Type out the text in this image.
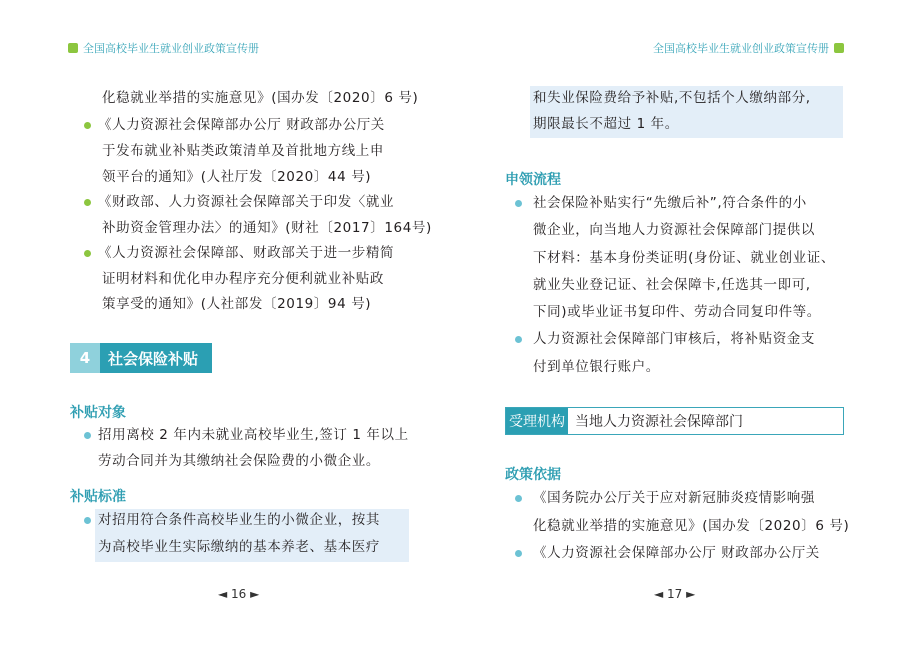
全国高校毕业生就业创业政策宣传册
化稳就业举措的实施意见》(国办发〔2020〕6 号)
《人力资源社会保障部办公厅 财政部办公厅关
于发布就业补贴类政策清单及首批地方线上申
领平台的通知》(人社厅发〔2020〕44 号)
《财政部、人力资源社会保障部关于印发〈就业
补助资金管理办法〉的通知》(财社〔2017〕164号)
《人力资源社会保障部、财政部关于进一步精简
证明材料和优化申办程序充分便利就业补贴政
策享受的通知》(人社部发〔2019〕94 号)
4	社会保险补贴
补贴对象
招用离校 2 年内未就业高校毕业生,签订 1 年以上
劳动合同并为其缴纳社会保险费的小微企业。
补贴标准
对招用符合条件高校毕业生的小微企业，按其
为高校毕业生实际缴纳的基本养老、基本医疗
◄ 16 ►
全国高校毕业生就业创业政策宣传册
和失业保险费给予补贴,不包括个人缴纳部分,
期限最长不超过 1 年。
申领流程
社会保险补贴实行“先缴后补”,符合条件的小
微企业，向当地人力资源社会保障部门提供以
下材料：基本身份类证明(身份证、就业创业证、
就业失业登记证、社会保障卡,任选其一即可,
下同)或毕业证书复印件、劳动合同复印件等。
人力资源社会保障部门审核后，将补贴资金支
付到单位银行账户。
受理机构 当地人力资源社会保障部门
政策依据
《国务院办公厅关于应对新冠肺炎疫情影响强
化稳就业举措的实施意见》(国办发〔2020〕6 号)
《人力资源社会保障部办公厅 财政部办公厅关
◄ 17 ►
